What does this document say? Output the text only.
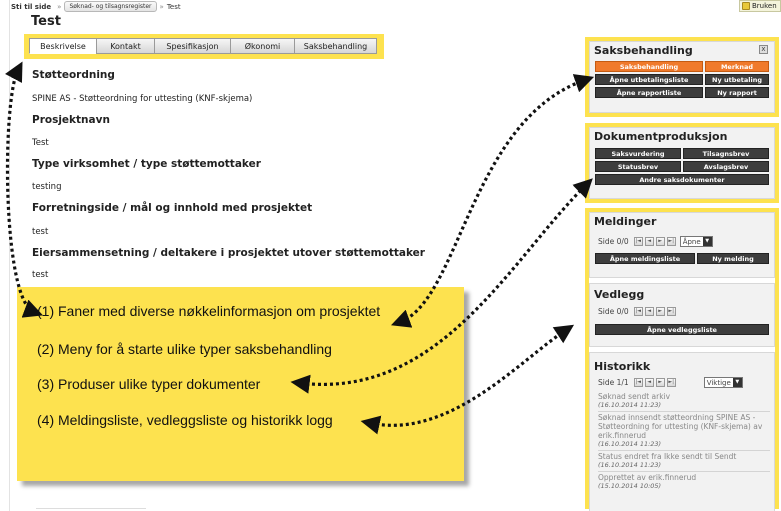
Sti til side »	Søknad- og tilsagnsregister	» Test	Bruken
Test
Beskrivelse	Kontakt	Spesifikasjon	Økonomi	Saksbehandling
Støtteordning
SPINE AS - Støtteordning for uttesting (KNF-skjema)
Prosjektnavn
Test
Type virksomhet / type støttemottaker
testing
Forretningside / mål og innhold med prosjektet
test
Eiersammensetning / deltakere i prosjektet utover støttemottaker
test
Saksbehandling	x
Saksbehandling	Merknad
Åpne utbetalingsliste	Ny utbetaling
Åpne rapportliste	Ny rapport
Dokumentproduksjon
Saksvurdering	Tilsagnsbrev
Statusbrev	Avslagsbrev
Andre saksdokumenter
Meldinger
Side 0/0	|◄	◄	►	►| Åpne ▼
Åpne meldingsliste	Ny melding
Vedlegg
Side 0/0	|◄	◄	►	►|
Åpne vedleggsliste
Historikk
Side 1/1	|◄	◄	►	►|	Viktige ▼
Søknad sendt arkiv
(16.10.2014 11:23)
Søknad innsendt støtteordning SPINE AS - Støtteordning for uttesting (KNF-skjema) av erik.finnerud
(16.10.2014 11:23)
Status endret fra Ikke sendt til Sendt
(16.10.2014 11:23)
Opprettet av erik.finnerud
(15.10.2014 10:05)
(1) Faner med diverse nøkkelinformasjon om prosjektet
(2) Meny for å starte ulike typer saksbehandling
(3) Produser ulike typer dokumenter
(4) Meldingsliste, vedleggsliste og historikk logg
